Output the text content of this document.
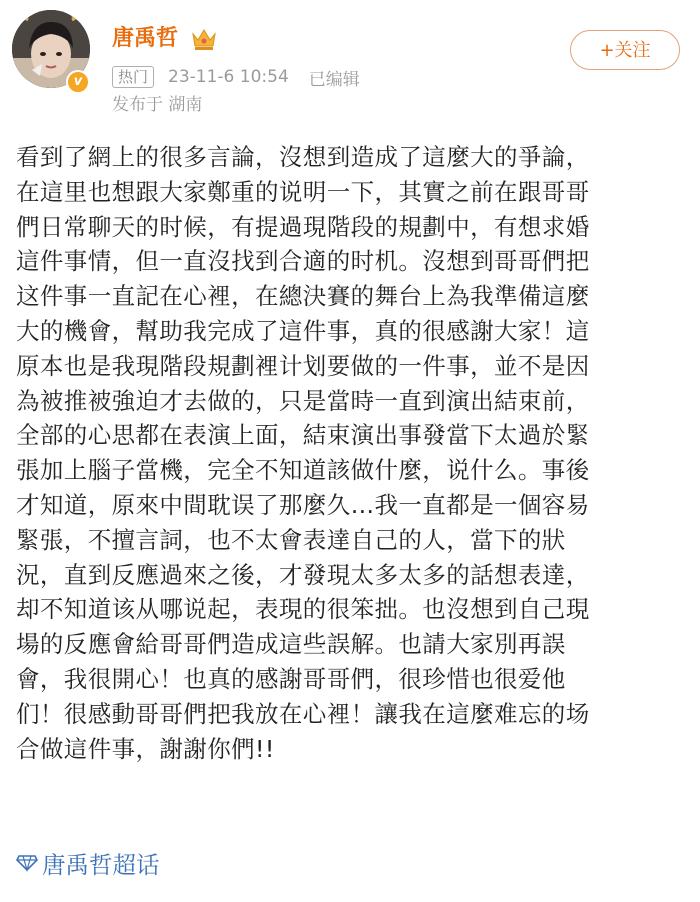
v
唐禹哲
热门	23-11-6 10:54 已编辑
发布于 湖南
+关注
看到了網上的很多言論，沒想到造成了這麼大的爭論，
在這里也想跟大家鄭重的说明一下，其實之前在跟哥哥
們日常聊天的时候，有提過現階段的規劃中，有想求婚
這件事情，但一直沒找到合適的时机。沒想到哥哥們把
这件事一直記在心裡，在總決賽的舞台上為我準備這麼
大的機會，幫助我完成了這件事，真的很感謝大家！這
原本也是我現階段規劃裡计划要做的一件事，並不是因
為被推被強迫才去做的，只是當時一直到演出結束前，
全部的心思都在表演上面，結束演出事發當下太過於緊
張加上腦子當機，完全不知道該做什麼，说什么。事後
才知道，原來中間耽误了那麼久…我一直都是一個容易
緊張，不擅言詞，也不太會表達自己的人，當下的狀
況，直到反應過來之後，才發現太多太多的話想表達，
却不知道该从哪说起，表現的很笨拙。也沒想到自己現
場的反應會給哥哥們造成這些誤解。也請大家別再誤
會，我很開心！也真的感謝哥哥們，很珍惜也很爱他
们！很感動哥哥們把我放在心裡！讓我在這麼难忘的场
合做這件事，謝謝你們!!
唐禹哲超话
